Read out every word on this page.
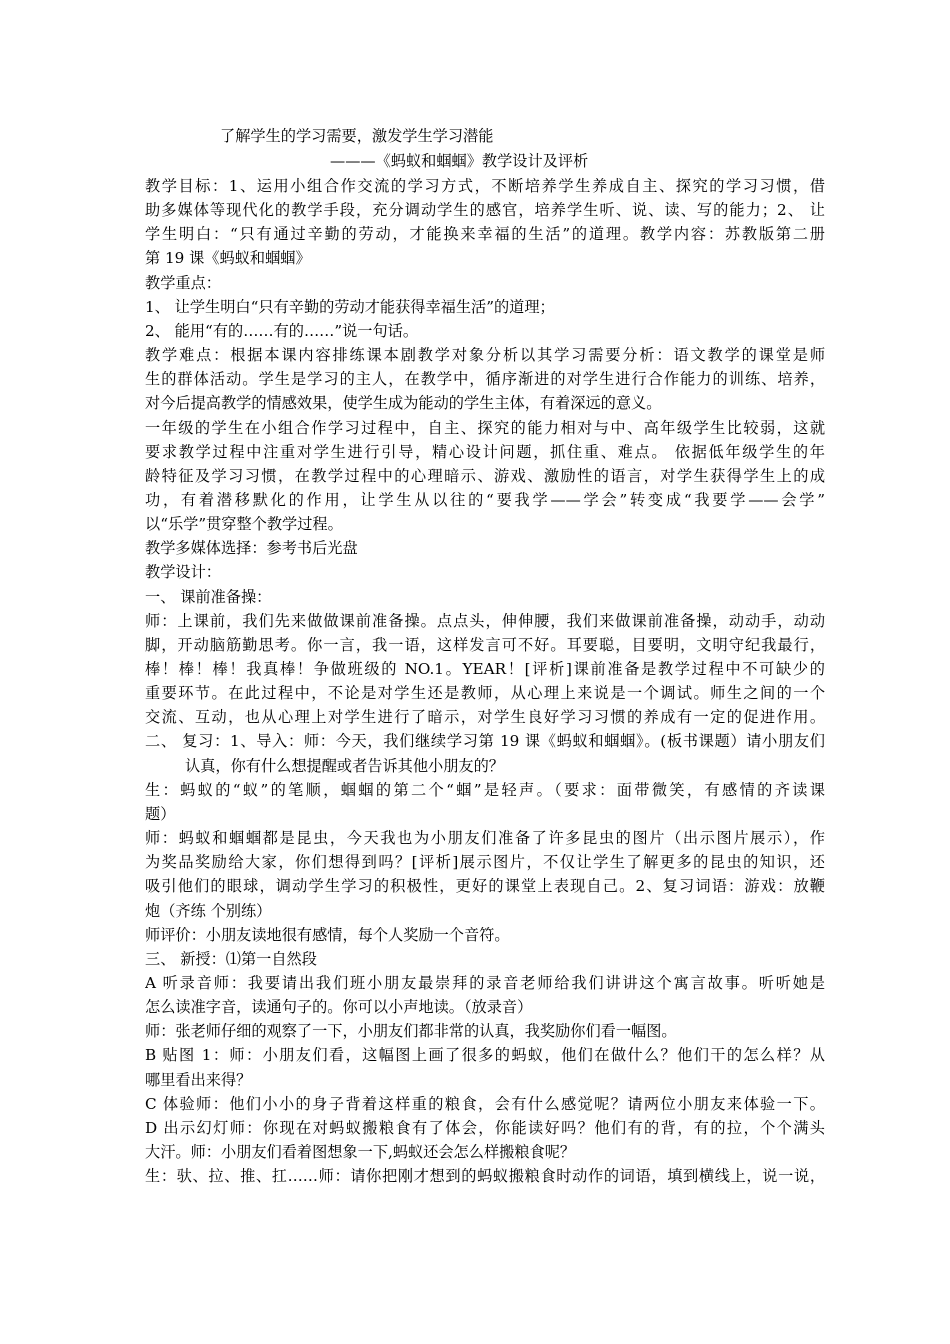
了解学生的学习需要，激发学生学习潜能
———《蚂蚁和蝈蝈》教学设计及评析
教学目标：1、运用小组合作交流的学习方式，不断培养学生养成自主、探究的学习习惯，借
助多媒体等现代化的教学手段，充分调动学生的感官，培养学生听、说、读、写的能力；2、 让
学生明白：“只有通过辛勤的劳动，才能换来幸福的生活”的道理。教学内容：苏教版第二册
第 19 课《蚂蚁和蝈蝈》
教学重点：
1、 让学生明白“只有辛勤的劳动才能获得幸福生活”的道理；
2、 能用“有的……有的……”说一句话。
教学难点：根据本课内容排练课本剧教学对象分析以其学习需要分析：语文教学的课堂是师
生的群体活动。学生是学习的主人，在教学中，循序渐进的对学生进行合作能力的训练、培养，
对今后提高教学的情感效果，使学生成为能动的学生主体，有着深远的意义。
一年级的学生在小组合作学习过程中，自主、探究的能力相对与中、高年级学生比较弱，这就
要求教学过程中注重对学生进行引导，精心设计问题，抓住重、难点。 依据低年级学生的年
龄特征及学习习惯，在教学过程中的心理暗示、游戏、激励性的语言，对学生获得学生上的成
功，有着潜移默化的作用，让学生从以往的“要我学——学会”转变成“我要学——会学”
以“乐学”贯穿整个教学过程。
教学多媒体选择：参考书后光盘
教学设计：
一、 课前准备操：
师：上课前，我们先来做做课前准备操。点点头，伸伸腰，我们来做课前准备操，动动手，动动
脚，开动脑筋勤思考。你一言，我一语，这样发言可不好。耳要聪，目要明，文明守纪我最行，
棒！棒！棒！我真棒！争做班级的 NO.1。YEAR！[评析]课前准备是教学过程中不可缺少的
重要环节。在此过程中，不论是对学生还是教师，从心理上来说是一个调试。师生之间的一个
交流、互动，也从心理上对学生进行了暗示，对学生良好学习习惯的养成有一定的促进作用。
二、 复习：1、导入：师：今天，我们继续学习第 19 课《蚂蚁和蝈蝈》。(板书课题）请小朋友们
认真，你有什么想提醒或者告诉其他小朋友的？
生：蚂蚁的“蚁”的笔顺，蝈蝈的第二个“蝈”是轻声。（要求：面带微笑，有感情的齐读课
题）
师：蚂蚁和蝈蝈都是昆虫，今天我也为小朋友们准备了许多昆虫的图片（出示图片展示），作
为奖品奖励给大家，你们想得到吗？[评析]展示图片，不仅让学生了解更多的昆虫的知识，还
吸引他们的眼球，调动学生学习的积极性，更好的课堂上表现自己。2、复习词语：游戏：放鞭
炮（齐练 个别练）
师评价：小朋友读地很有感情，每个人奖励一个音符。
三、 新授：⑴第一自然段
A 听录音师：我要请出我们班小朋友最崇拜的录音老师给我们讲讲这个寓言故事。听听她是
怎么读准字音，读通句子的。你可以小声地读。（放录音）
师：张老师仔细的观察了一下，小朋友们都非常的认真，我奖励你们看一幅图。
B 贴图 1：师：小朋友们看，这幅图上画了很多的蚂蚁，他们在做什么？他们干的怎么样？从
哪里看出来得？
C 体验师：他们小小的身子背着这样重的粮食，会有什么感觉呢？请两位小朋友来体验一下。
D 出示幻灯师：你现在对蚂蚁搬粮食有了体会，你能读好吗？他们有的背，有的拉，个个满头
大汗。师：小朋友们看着图想象一下,蚂蚁还会怎么样搬粮食呢？
生：驮、拉、推、扛……师：请你把刚才想到的蚂蚁搬粮食时动作的词语，填到横线上，说一说，
